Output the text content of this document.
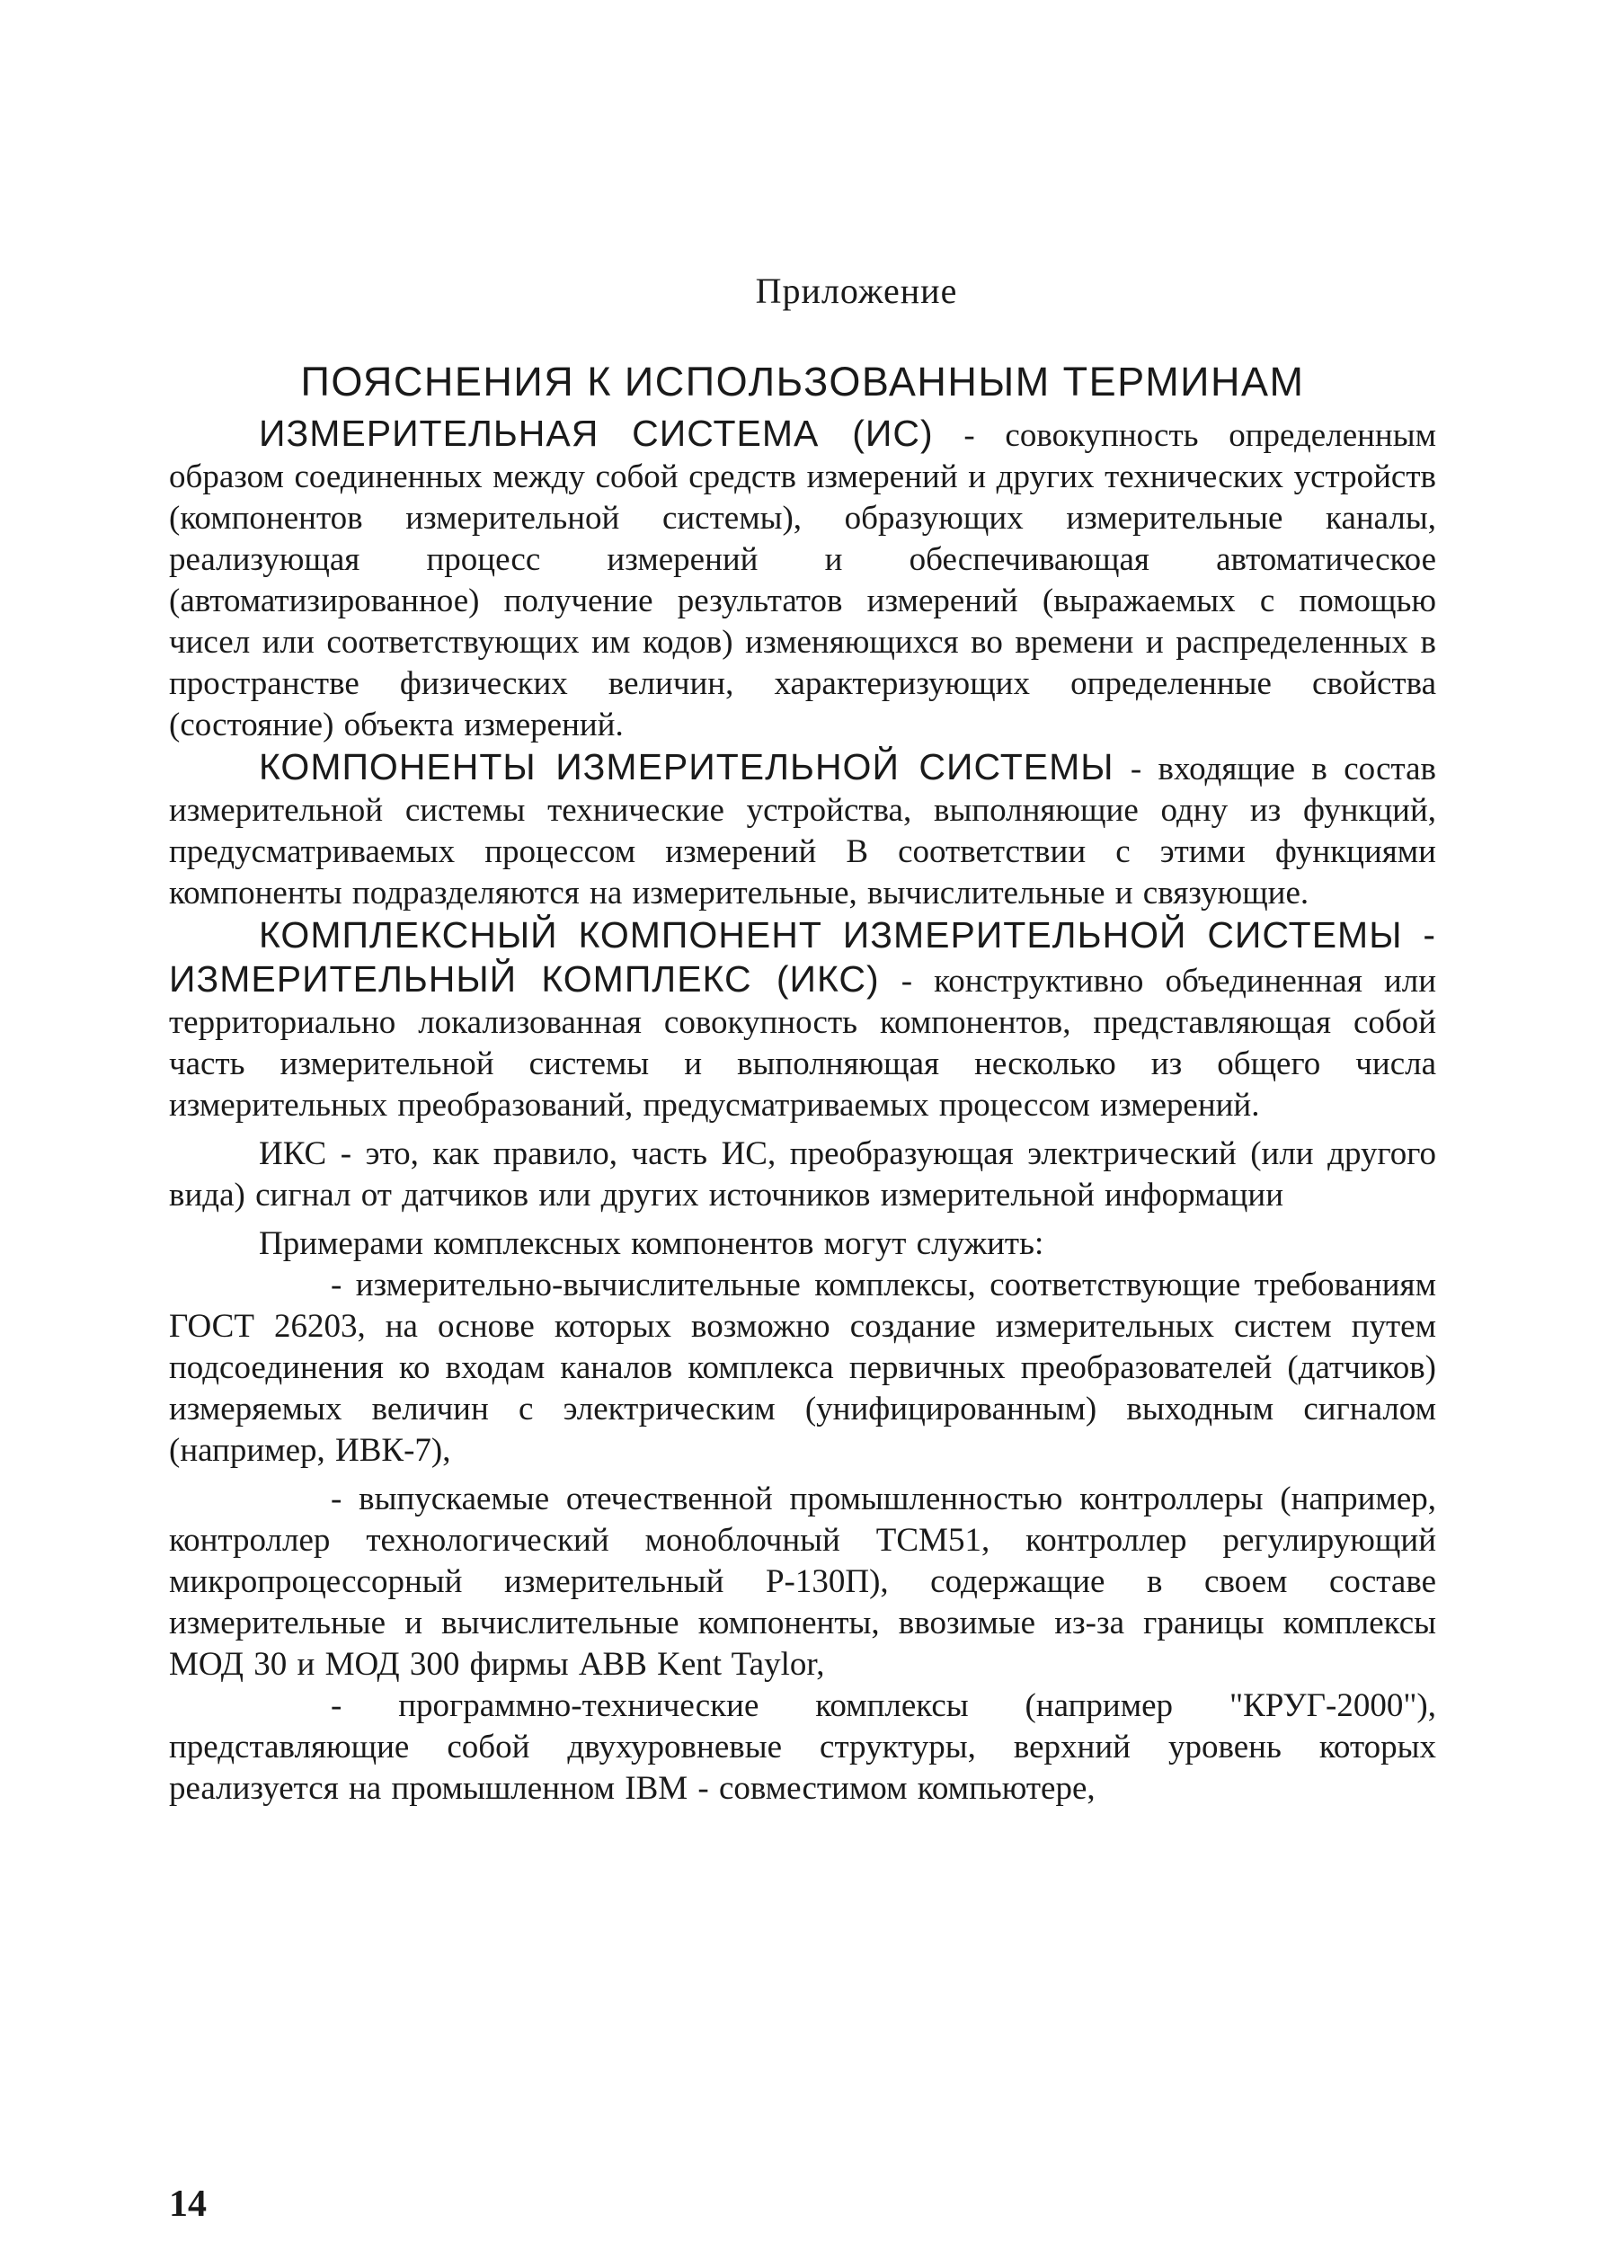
Приложение
ПОЯСНЕНИЯ К ИСПОЛЬЗОВАННЫМ ТЕРМИНАМ

ИЗМЕРИТЕЛЬНАЯ СИСТЕМА (ИС) - совокупность определенным образом соединенных между собой средств измерений и других технических устройств (компонентов измерительной системы), образующих измерительные каналы, реализующая процесс измерений и обеспечивающая автоматическое (автоматизированное) получение результатов измерений (выражаемых с помощью чисел или соответствующих им кодов) изменяющихся во времени и распределенных в пространстве физических величин, характеризующих определенные свойства (состояние) объекта измерений.

КОМПОНЕНТЫ ИЗМЕРИТЕЛЬНОЙ СИСТЕМЫ - входящие в состав измерительной системы технические устройства, выполняющие одну из функций, предусматриваемых процессом измерений В соответствии с этими функциями компоненты подразделяются на измерительные, вычислительные и связующие.

КОМПЛЕКСНЫЙ КОМПОНЕНТ ИЗМЕРИТЕЛЬНОЙ СИСТЕМЫ - ИЗМЕРИТЕЛЬНЫЙ КОМПЛЕКС (ИКС) - конструктивно объединенная или территориально локализованная совокупность компонентов, представляющая собой часть измерительной системы и выполняющая несколько из общего числа измерительных преобразований, предусматриваемых процессом измерений.

ИКС - это, как правило, часть ИС, преобразующая электрический (или другого вида) сигнал от датчиков или других источников измерительной информации

Примерами комплексных компонентов могут служить:

- измерительно-вычислительные комплексы, соответствующие требованиям ГОСТ 26203, на основе которых возможно создание измерительных систем путем подсоединения ко входам каналов комплекса первичных преобразователей (датчиков) измеряемых величин с электрическим (унифицированным) выходным сигналом (например, ИВК-7),

- выпускаемые отечественной промышленностью контроллеры (например, контроллер технологический моноблочный ТСМ51, контроллер регулирующий микропроцессорный измерительный Р-130П), содержащие в своем составе измерительные и вычислительные компоненты, ввозимые из-за границы комплексы МОД 30 и МОД 300 фирмы ABB Kent Taylor,

- программно-технические комплексы (например "КРУГ-2000"), представляющие собой двухуровневые структуры, верхний уровень которых реализуется на промышленном IBM - совместимом компьютере,

14
